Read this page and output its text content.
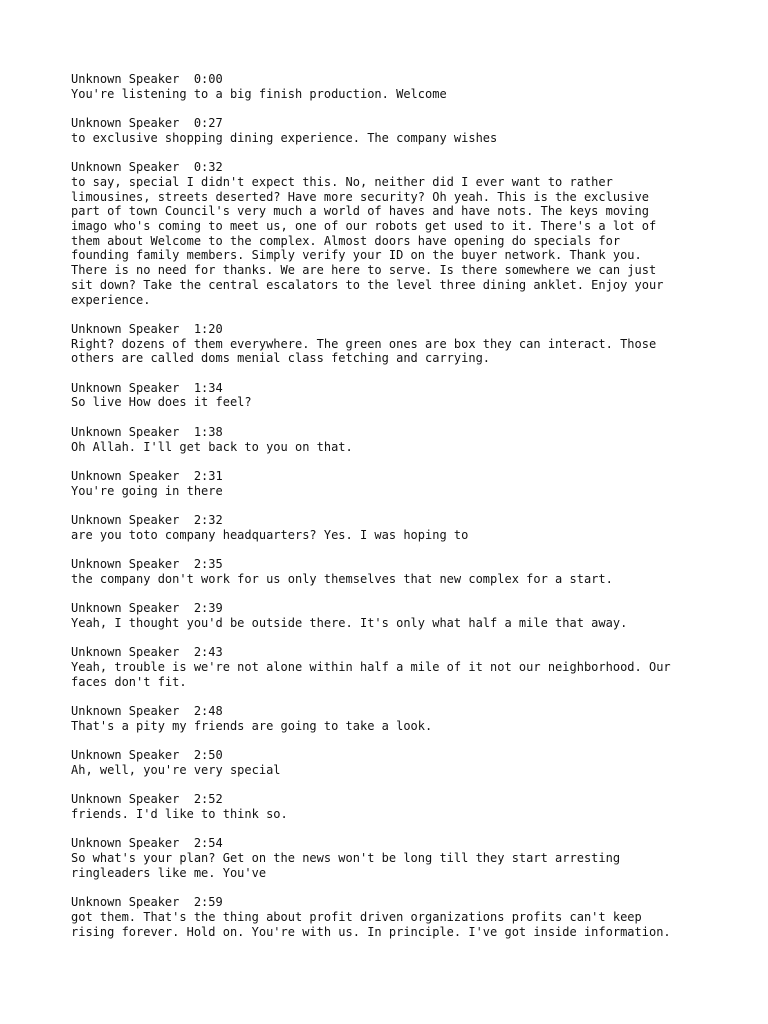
Unknown Speaker 0:00
You're listening to a big finish production. Welcome
Unknown Speaker 0:27
to exclusive shopping dining experience. The company wishes
Unknown Speaker 0:32
to say, special I didn't expect this. No, neither did I ever want to rather
limousines, streets deserted? Have more security? Oh yeah. This is the exclusive
part of town Council's very much a world of haves and have nots. The keys moving
imago who's coming to meet us, one of our robots get used to it. There's a lot of
them about Welcome to the complex. Almost doors have opening do specials for
founding family members. Simply verify your ID on the buyer network. Thank you.
There is no need for thanks. We are here to serve. Is there somewhere we can just
sit down? Take the central escalators to the level three dining anklet. Enjoy your
experience.
Unknown Speaker 1:20
Right? dozens of them everywhere. The green ones are box they can interact. Those
others are called doms menial class fetching and carrying.
Unknown Speaker 1:34
So live How does it feel?
Unknown Speaker 1:38
Oh Allah. I'll get back to you on that.
Unknown Speaker 2:31
You're going in there
Unknown Speaker 2:32
are you toto company headquarters? Yes. I was hoping to
Unknown Speaker 2:35
the company don't work for us only themselves that new complex for a start.
Unknown Speaker 2:39
Yeah, I thought you'd be outside there. It's only what half a mile that away.
Unknown Speaker 2:43
Yeah, trouble is we're not alone within half a mile of it not our neighborhood. Our
faces don't fit.
Unknown Speaker 2:48
That's a pity my friends are going to take a look.
Unknown Speaker 2:50
Ah, well, you're very special
Unknown Speaker 2:52
friends. I'd like to think so.
Unknown Speaker 2:54
So what's your plan? Get on the news won't be long till they start arresting
ringleaders like me. You've
Unknown Speaker 2:59
got them. That's the thing about profit driven organizations profits can't keep
rising forever. Hold on. You're with us. In principle. I've got inside information.
